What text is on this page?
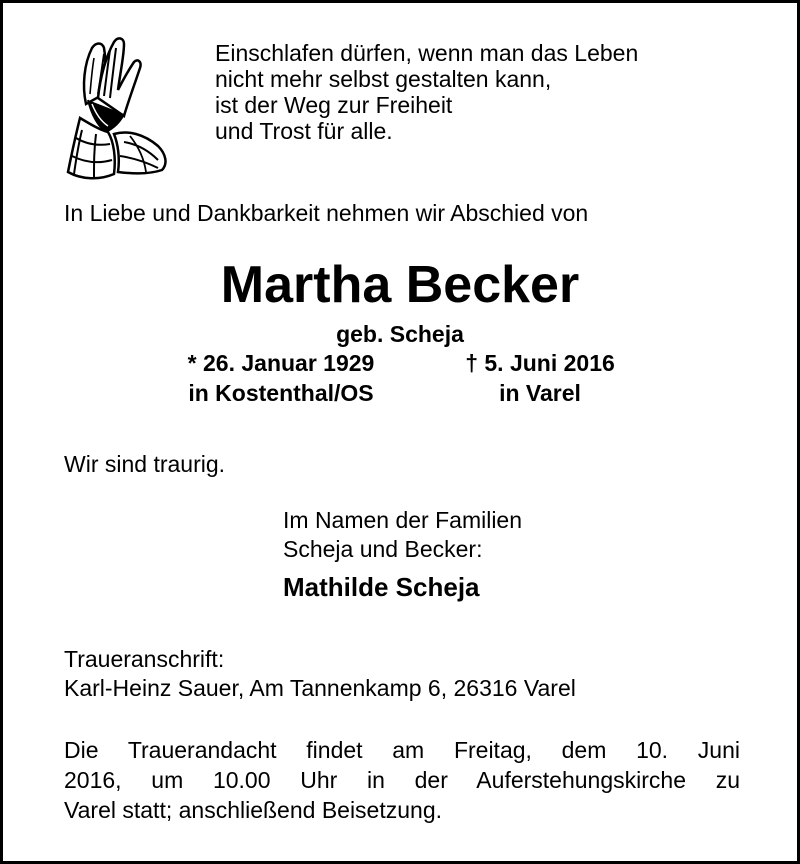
Einschlafen dürfen, wenn man das Leben
nicht mehr selbst gestalten kann,
ist der Weg zur Freiheit
und Trost für alle.
In Liebe und Dankbarkeit nehmen wir Abschied von
Martha Becker
geb. Scheja
* 26. Januar 1929
in Kostenthal/OS
† 5. Juni 2016
in Varel
Wir sind traurig.
Im Namen der Familien
Scheja und Becker:
Mathilde Scheja
Traueranschrift:
Karl-Heinz Sauer, Am Tannenkamp 6, 26316 Varel
Die Trauerandacht findet am Freitag, dem 10. Juni
2016, um 10.00 Uhr in der Auferstehungskirche zu
Varel statt; anschließend Beisetzung.
